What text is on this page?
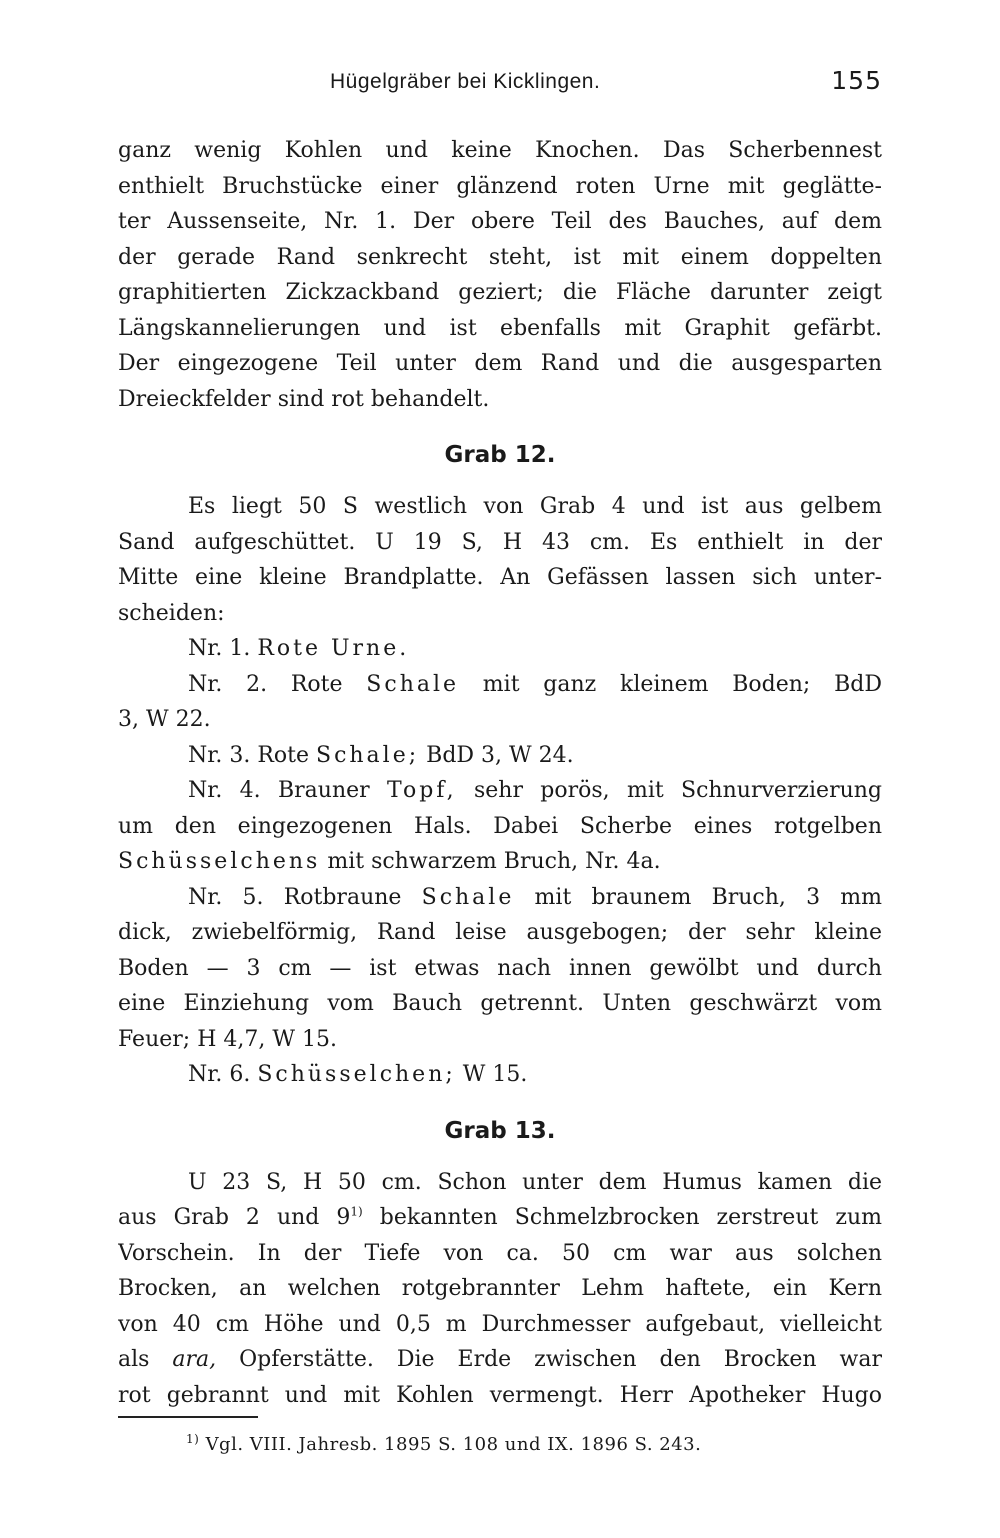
Hügelgräber bei Kicklingen.	155
ganz wenig Kohlen und keine Knochen. Das Scherbennest
enthielt Bruchstücke einer glänzend roten Urne mit geglätte-
ter Aussenseite, Nr. 1. Der obere Teil des Bauches, auf dem
der gerade Rand senkrecht steht, ist mit einem doppelten
graphitierten Zickzackband geziert; die Fläche darunter zeigt
Längskannelierungen und ist ebenfalls mit Graphit gefärbt.
Der eingezogene Teil unter dem Rand und die ausgesparten
Dreieckfelder sind rot behandelt.
Grab 12.
Es liegt 50 S westlich von Grab 4 und ist aus gelbem
Sand aufgeschüttet. U 19 S, H 43 cm. Es enthielt in der
Mitte eine kleine Brandplatte. An Gefässen lassen sich unter-
scheiden:
Nr. 1. Rote Urne.
Nr. 2. Rote Schale mit ganz kleinem Boden; BdD
3, W 22.
Nr. 3. Rote Schale; BdD 3, W 24.
Nr. 4. Brauner Topf, sehr porös, mit Schnurverzierung
um den eingezogenen Hals. Dabei Scherbe eines rotgelben
Schüsselchens mit schwarzem Bruch, Nr. 4a.
Nr. 5. Rotbraune Schale mit braunem Bruch, 3 mm
dick, zwiebelförmig, Rand leise ausgebogen; der sehr kleine
Boden — 3 cm — ist etwas nach innen gewölbt und durch
eine Einziehung vom Bauch getrennt. Unten geschwärzt vom
Feuer; H 4,7, W 15.
Nr. 6. Schüsselchen; W 15.
Grab 13.
U 23 S, H 50 cm. Schon unter dem Humus kamen die
aus Grab 2 und 9$^{1)}$ bekannten Schmelzbrocken zerstreut zum
Vorschein. In der Tiefe von ca. 50 cm war aus solchen
Brocken, an welchen rotgebrannter Lehm haftete, ein Kern
von 40 cm Höhe und 0,5 m Durchmesser aufgebaut, vielleicht
als ara, Opferstätte. Die Erde zwischen den Brocken war
rot gebrannt und mit Kohlen vermengt. Herr Apotheker Hugo
$^{1)}$ Vgl. VIII. Jahresb. 1895 S. 108 und IX. 1896 S. 243.
